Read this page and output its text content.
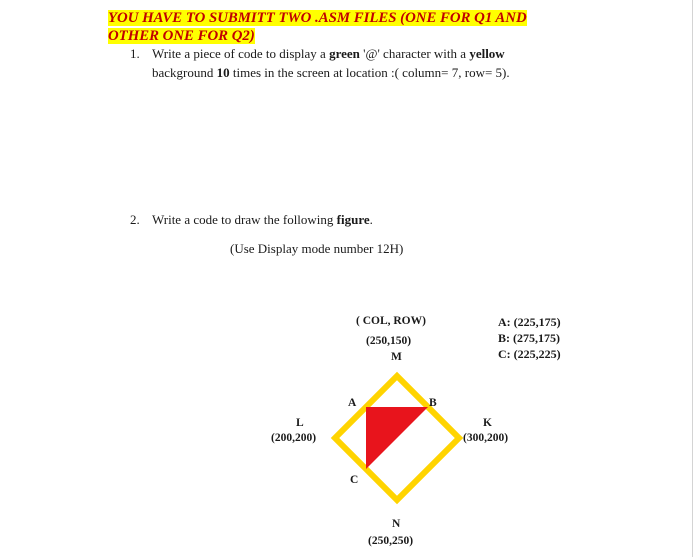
YOU HAVE TO SUBMITT TWO .ASM FILES (ONE FOR Q1 AND
OTHER ONE FOR Q2)
1. Write a piece of code to display a green '@' character with a yellow
background 10 times in the screen at location :( column= 7, row= 5).
2. Write a code to draw the following figure.
(Use Display mode number 12H)
( COL, ROW)
(250,150)
M
A	B
C
L
(200,200)
K
(300,200)
N
(250,250)
A: (225,175)
B: (275,175)
C: (225,225)
